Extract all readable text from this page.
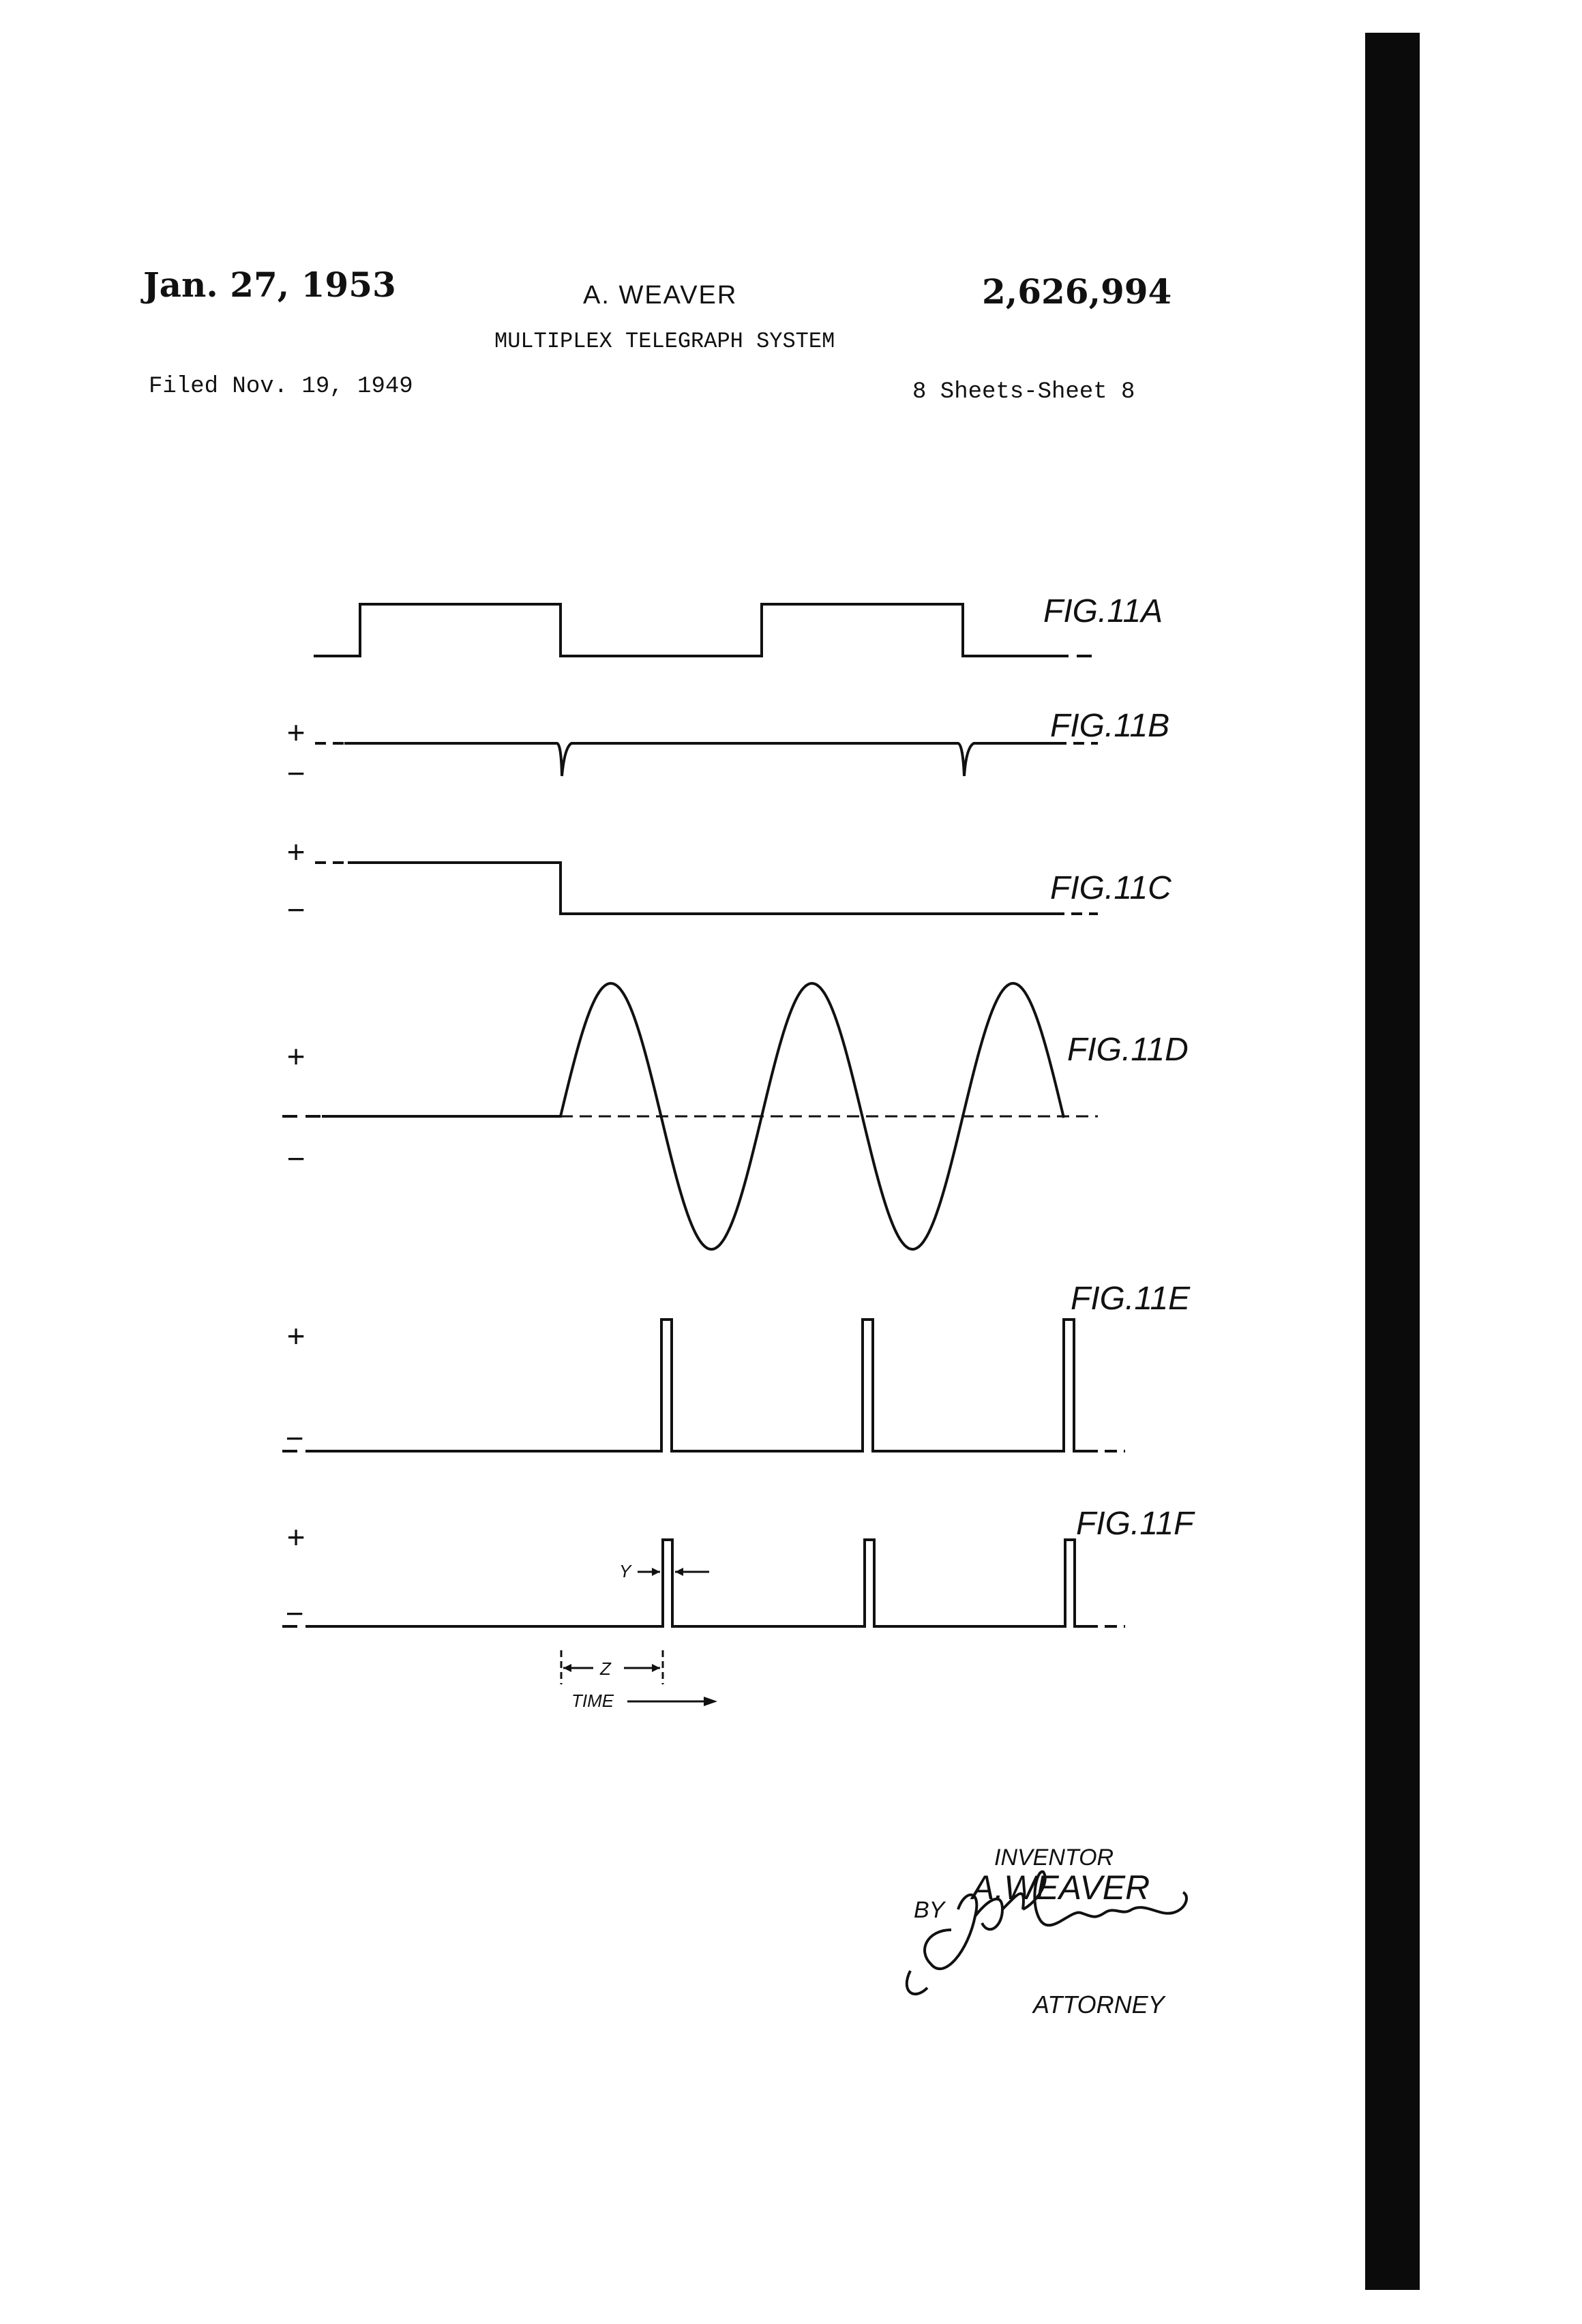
Jan. 27, 1953	A. WEAVER	2,626,994
MULTIPLEX TELEGRAPH SYSTEM
Filed Nov. 19, 1949	8 Sheets-Sheet 8
+
−
+
−
+
−
+
−
+
−
FIG.11A
FIG.11B
FIG.11C
FIG.11D
FIG.11E
FIG.11F
Y
Z
TIME
INVENTOR
A.WEAVER
BY
ATTORNEY
